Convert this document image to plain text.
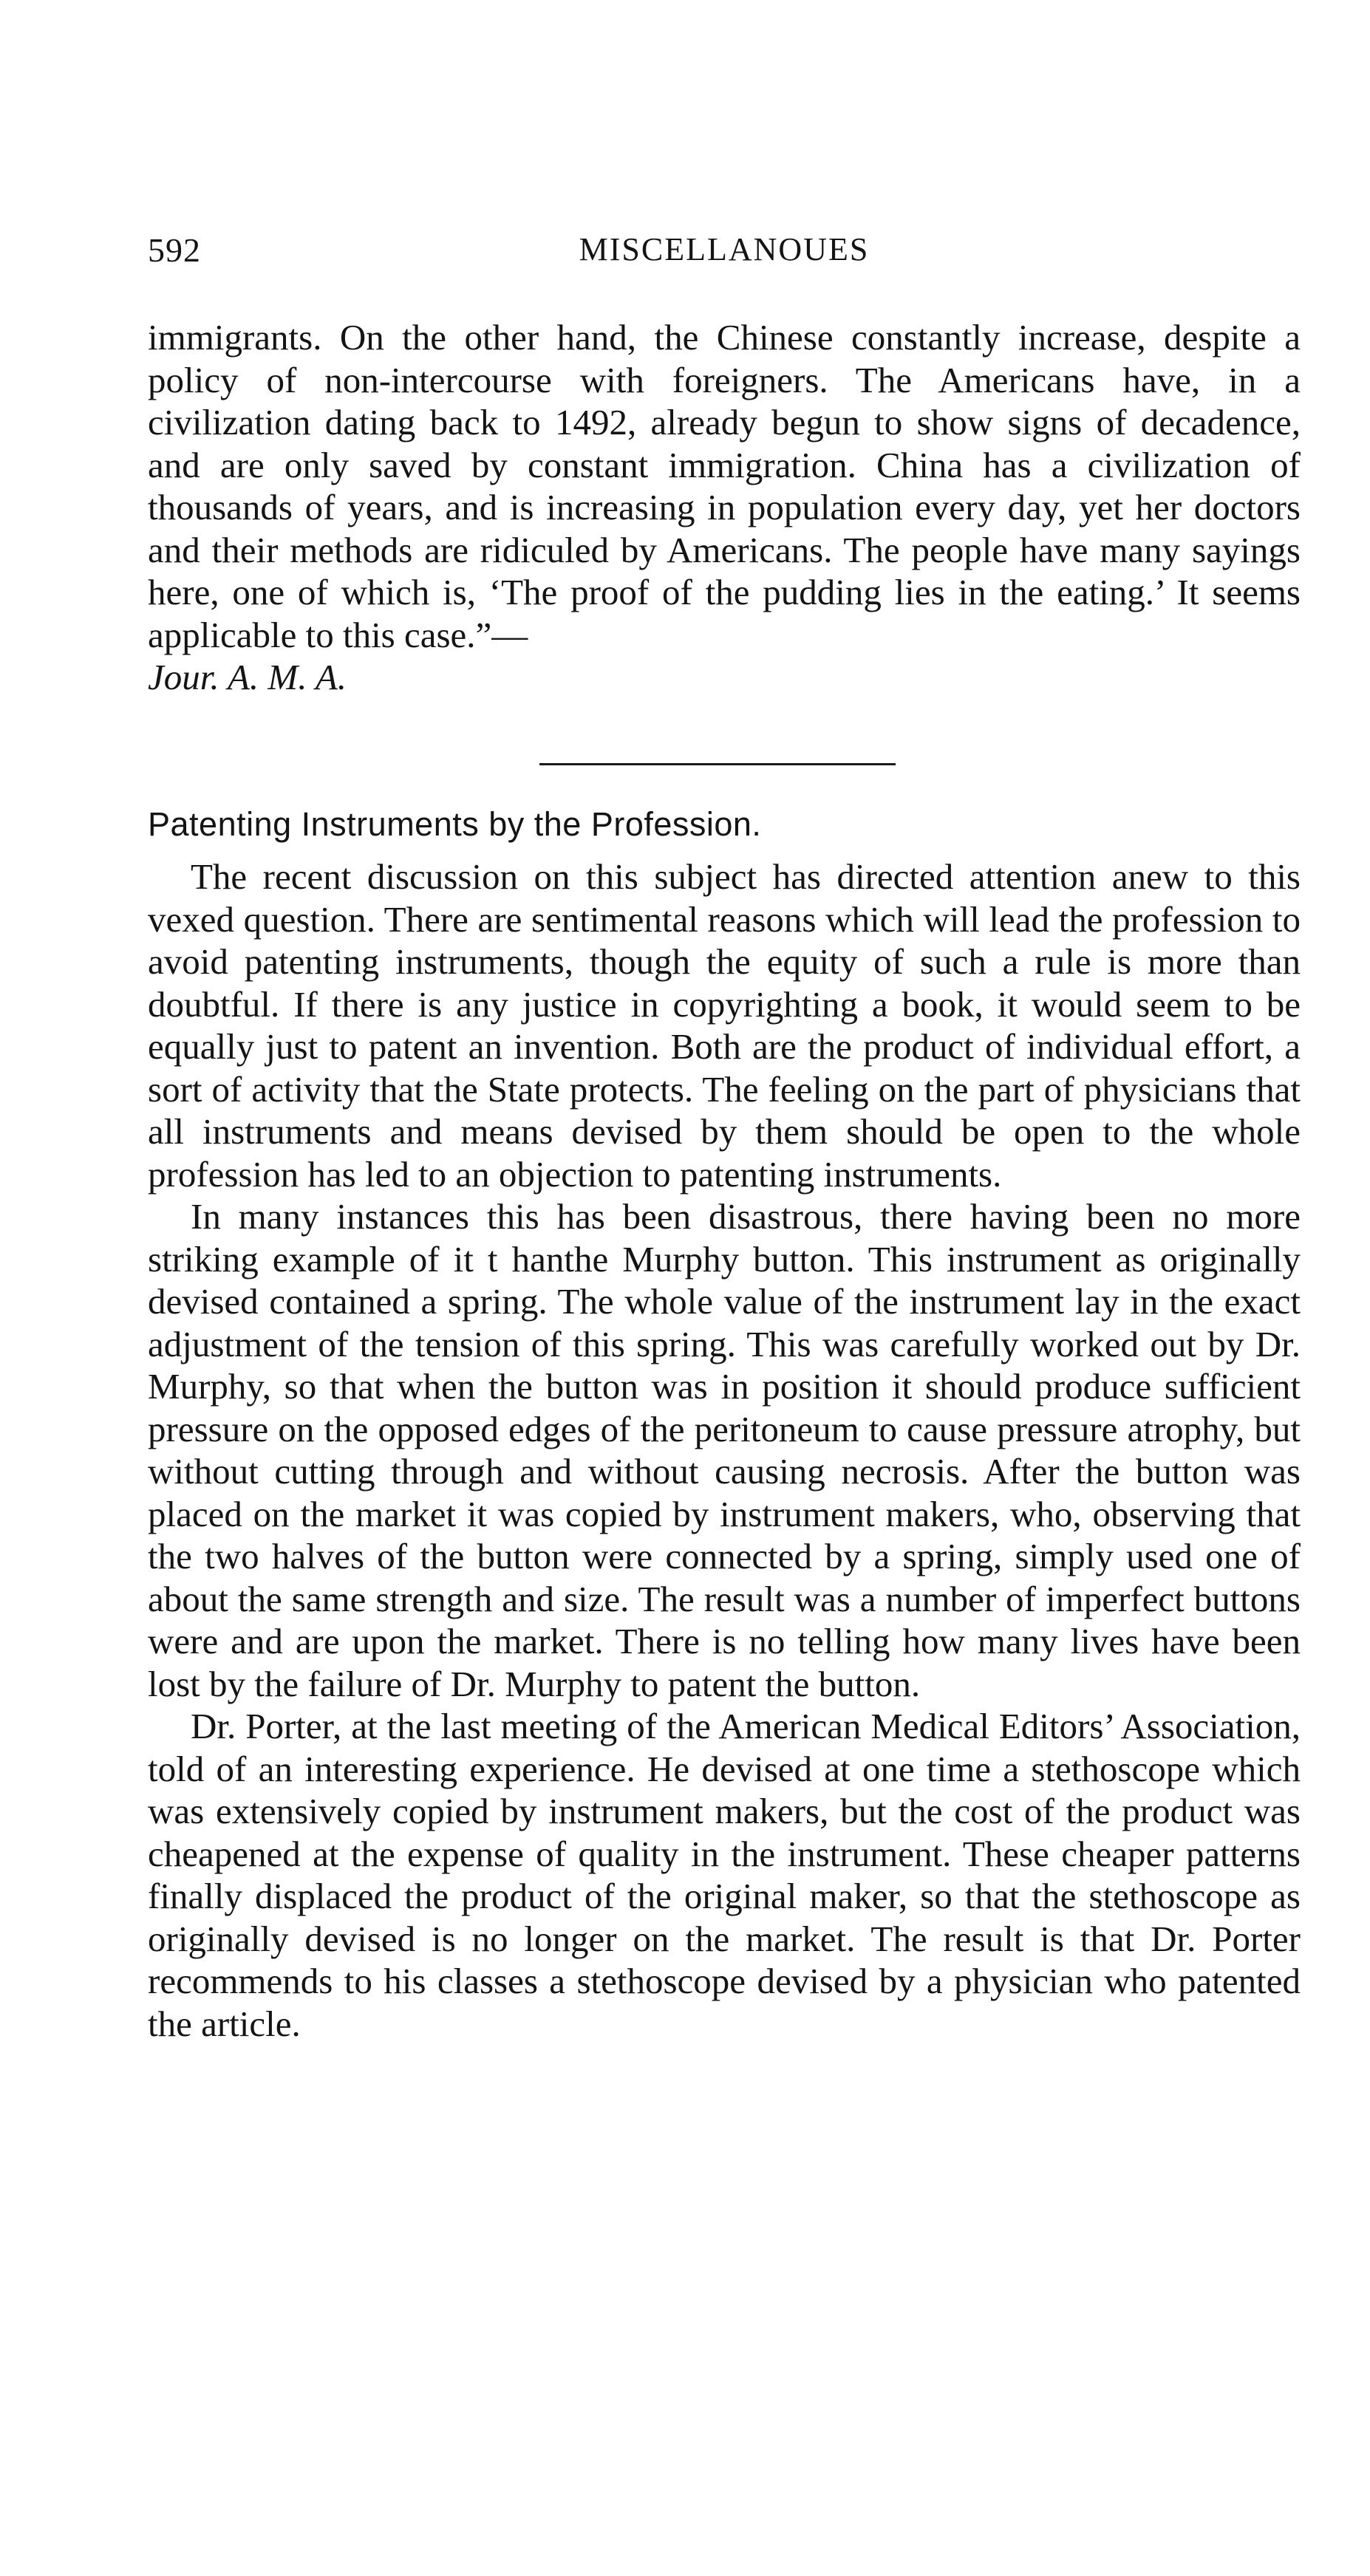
592	MISCELLANOUES

immigrants. On the other hand, the Chinese constantly increase, despite a policy of non-intercourse with foreigners. The Americans have, in a civilization dating back to 1492, already begun to show signs of decadence, and are only saved by constant immigration. China has a civilization of thousands of years, and is increasing in population every day, yet her doctors and their methods are ridiculed by Americans. The people have many sayings here, one of which is, ‘The proof of the pudding lies in the eating.’ It seems applicable to this case.”—
Jour. A. M. A.

Patenting Instruments by the Profession.

The recent discussion on this subject has directed attention anew to this vexed question. There are sentimental reasons which will lead the profession to avoid patenting instruments, though the equity of such a rule is more than doubtful. If there is any justice in copyrighting a book, it would seem to be equally just to patent an invention. Both are the product of individual effort, a sort of activity that the State protects. The feeling on the part of physicians that all instruments and means devised by them should be open to the whole profession has led to an objection to patenting instruments.

In many instances this has been disastrous, there having been no more striking example of it t hanthe Murphy button. This instrument as originally devised contained a spring. The whole value of the instrument lay in the exact adjustment of the tension of this spring. This was carefully worked out by Dr. Murphy, so that when the button was in position it should produce sufficient pressure on the opposed edges of the peritoneum to cause pressure atrophy, but without cutting through and without causing necrosis. After the button was placed on the market it was copied by instrument makers, who, observing that the two halves of the button were connected by a spring, simply used one of about the same strength and size. The result was a number of imperfect buttons were and are upon the market. There is no telling how many lives have been lost by the failure of Dr. Murphy to patent the button.

Dr. Porter, at the last meeting of the American Medical Editors’ Association, told of an interesting experience. He devised at one time a stethoscope which was extensively copied by instrument makers, but the cost of the product was cheapened at the expense of quality in the instrument. These cheaper patterns finally displaced the product of the original maker, so that the stethoscope as originally devised is no longer on the market. The result is that Dr. Porter recommends to his classes a stethoscope devised by a physician who patented the article.
